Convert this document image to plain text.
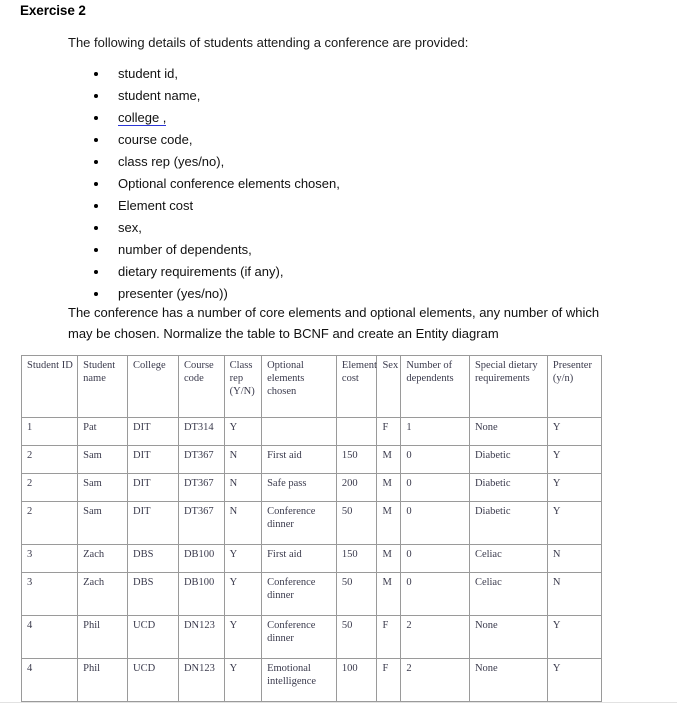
Exercise 2
The following details of students attending a conference are provided:
student id,
student name,
college ,
course code,
class rep (yes/no),
Optional conference elements chosen,
Element cost
sex,
number of dependents,
dietary requirements (if any),
presenter (yes/no))
The conference has a number of core elements and optional elements, any number of which may be chosen. Normalize the table to BCNF and create an Entity diagram
Student ID	Student name	College	Course code	Class rep (Y/N)	Optional elements chosen	Element cost	Sex	Number of dependents	Special dietary requirements	Presenter (y/n)
1	Pat	DIT	DT314	Y			F	1	None	Y
2	Sam	DIT	DT367	N	First aid	150	M	0	Diabetic	Y
2	Sam	DIT	DT367	N	Safe pass	200	M	0	Diabetic	Y
2	Sam	DIT	DT367	N	Conference dinner	50	M	0	Diabetic	Y
3	Zach	DBS	DB100	Y	First aid	150	M	0	Celiac	N
3	Zach	DBS	DB100	Y	Conference dinner	50	M	0	Celiac	N
4	Phil	UCD	DN123	Y	Conference dinner	50	F	2	None	Y
4	Phil	UCD	DN123	Y	Emotional intelligence	100	F	2	None	Y
